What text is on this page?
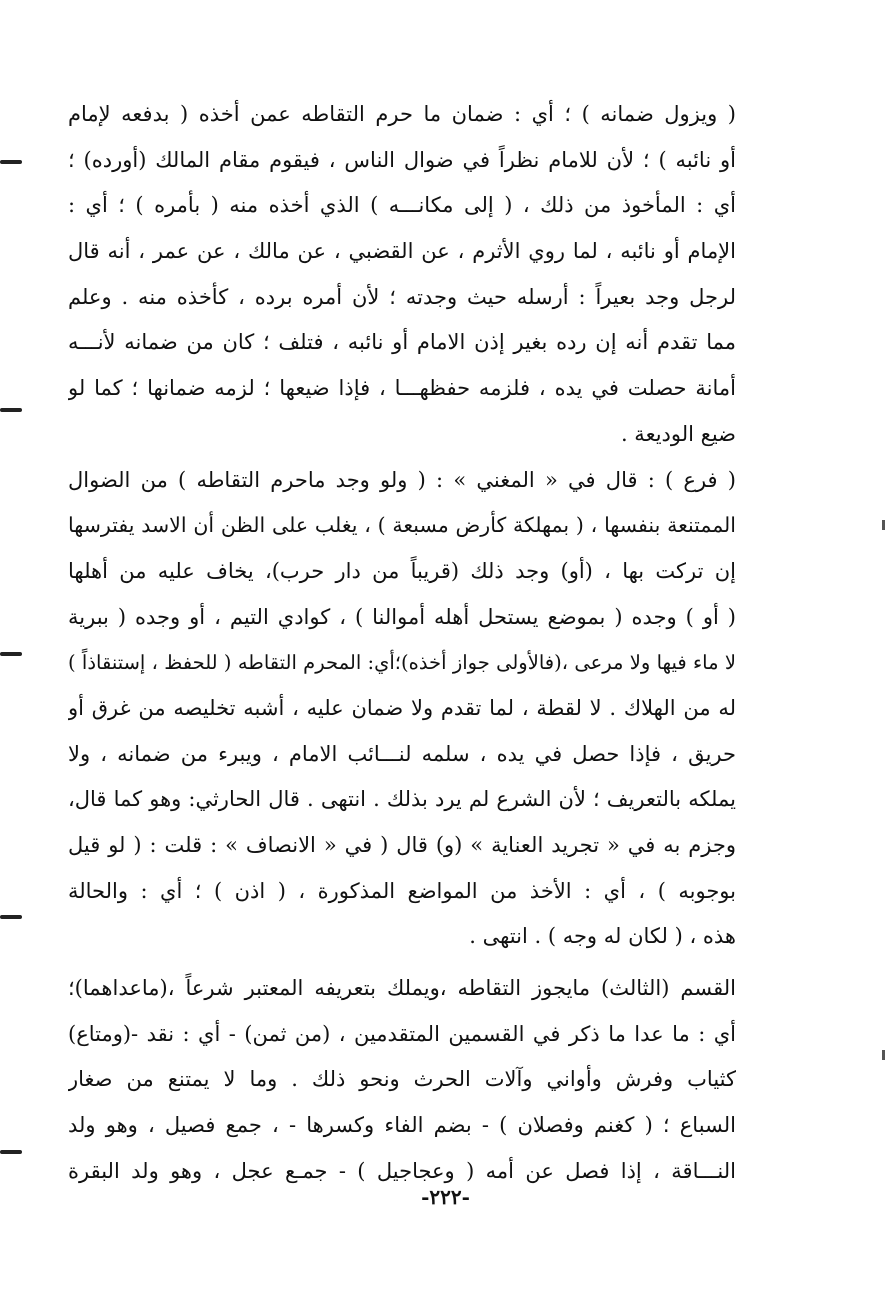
( ويزول ضمانه ) ؛ أي : ضمان ما حرم التقاطه عمن أخذه ( بدفعه لإمام
أو نائبه ) ؛ لأن للامام نظراً في ضوال الناس ، فيقوم مقام المالك (أورده) ؛
أي : المأخوذ من ذلك ، ( إلى مكانـــه ) الذي أخذه منه ( بأمره ) ؛ أي :
الإمام أو نائبه ، لما روي الأثرم ، عن القضبي ، عن مالك ، عن عمر ، أنه قال
لرجل وجد بعيراً : أرسله حيث وجدته ؛ لأن أمره برده ، كأخذه منه . وعلم
مما تقدم أنه إن رده بغير إذن الامام أو نائبه ، فتلف ؛ كان من ضمانه لأنـــه
أمانة حصلت في يده ، فلزمه حفظهـــا ، فإذا ضيعها ؛ لزمه ضمانها ؛ كما لو
ضيع الوديعة .
( فرع ) : قال في « المغني » : ( ولو وجد ماحرم التقاطه ) من الضوال
الممتنعة بنفسها ، ( بمهلكة كأرض مسبعة ) ، يغلب على الظن أن الاسد يفترسها
إن تركت بها ، (أو) وجد ذلك (قريباً من دار حرب)، يخاف عليه من أهلها
( أو ) وجده ( بموضع يستحل أهله أموالنا ) ، كوادي التيم ، أو وجده ( ببرية
لا ماء فيها ولا مرعى ،(فالأولى جواز أخذه)؛أي: المحرم التقاطه ( للحفظ ، إستنقاذاً )
له من الهلاك . لا لقطة ، لما تقدم ولا ضمان عليه ، أشبه تخليصه من غرق أو
حريق ، فإذا حصل في يده ، سلمه لنـــائب الامام ، ويبرء من ضمانه ، ولا
يملكه بالتعريف ؛ لأن الشرع لم يرد بذلك . انتهى . قال الحارثي: وهو كما قال،
وجزم به في « تجريد العناية » (و) قال ( في « الانصاف » : قلت : ( لو قيل
بوجوبه ) ، أي : الأخذ من المواضع المذكورة ، ( اذن ) ؛ أي : والحالة
هذه ، ( لكان له وجه ) . انتهى .
القسم (الثالث) مايجوز التقاطه ،ويملك بتعريفه المعتبر شرعاً ،(ماعداهما)؛
أي : ما عدا ما ذكر في القسمين المتقدمين ، (من ثمن) - أي : نقد -(ومتاع)
كثياب وفرش وأواني وآلات الحرث ونحو ذلك . وما لا يمتنع من صغار
السباع ؛ ( كغنم وفصلان ) - بضم الفاء وكسرها - ، جمع فصيل ، وهو ولد
النـــاقة ، إذا فصل عن أمه ( وعجاجيل ) - جمـع عجل ، وهو ولد البقرة
-٢٢٢-
